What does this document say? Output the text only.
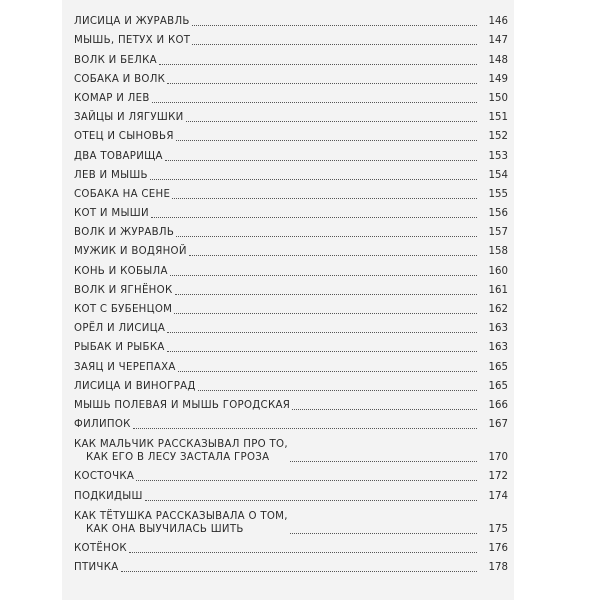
ЛИСИЦА И ЖУРАВЛЬ	146
МЫШЬ, ПЕТУХ И КОТ	147
ВОЛК И БЕЛКА	148
СОБАКА И ВОЛК	149
КОМАР И ЛЕВ	150
ЗАЙЦЫ И ЛЯГУШКИ	151
ОТЕЦ И СЫНОВЬЯ	152
ДВА ТОВАРИЩА	153
ЛЕВ И МЫШЬ	154
СОБАКА НА СЕНЕ	155
КОТ И МЫШИ	156
ВОЛК И ЖУРАВЛЬ	157
МУЖИК И ВОДЯНОЙ	158
КОНЬ И КОБЫЛА	160
ВОЛК И ЯГНЁНОК	161
КОТ С БУБЕНЦОМ	162
ОРЁЛ И ЛИСИЦА	163
РЫБАК И РЫБКА	163
ЗАЯЦ И ЧЕРЕПАХА	165
ЛИСИЦА И ВИНОГРАД	165
МЫШЬ ПОЛЕВАЯ И МЫШЬ ГОРОДСКАЯ	166
ФИЛИПОК	167
КАК МАЛЬЧИК РАССКАЗЫВАЛ ПРО ТО,
КАК ЕГО В ЛЕСУ ЗАСТАЛА ГРОЗА	170
КОСТОЧКА	172
ПОДКИДЫШ	174
КАК ТЁТУШКА РАССКАЗЫВАЛА О ТОМ,
КАК ОНА ВЫУЧИЛАСЬ ШИТЬ	175
КОТЁНОК	176
ПТИЧКА	178
